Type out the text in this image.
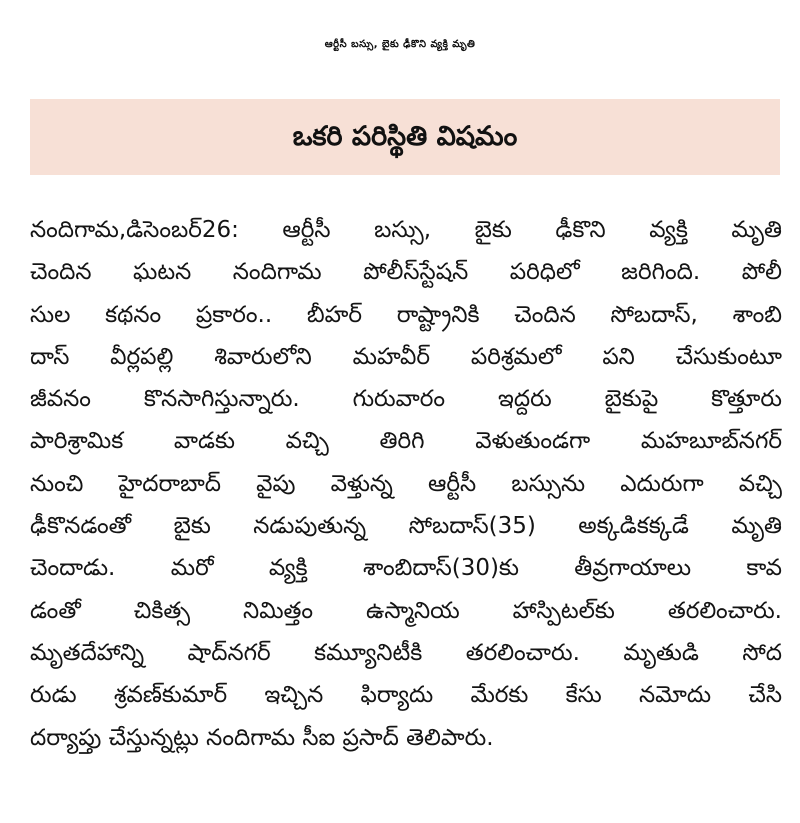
ఆర్టీసీ బస్సు, బైకు ఢీకొని వ్యక్తి మృతి
ఒకరి పరిస్థితి విషమం
నందిగామ,డిసెంబర్26: ఆర్టీసీ బస్సు, బైకు ఢీకొని వ్యక్తి మృతి
చెందిన ఘటన నందిగామ పోలీస్‌స్టేషన్ పరిధిలో జరిగింది. పోలీ
సుల కథనం ప్రకారం.. బీహర్ రాష్ట్రానికి చెందిన సోబదాస్, శాంబి
దాస్ వీర్లపల్లి శివారులోని మహవీర్ పరిశ్రమలో పని చేసుకుంటూ
జీవనం కొనసాగిస్తున్నారు. గురువారం ఇద్దరు బైకుపై కొత్తూరు
పారిశ్రామిక వాడకు వచ్చి తిరిగి వెళుతుండగా మహబూబ్‌నగర్
నుంచి హైదరాబాద్ వైపు వెళ్తున్న ఆర్టీసీ బస్సును ఎదురుగా వచ్చి
ఢీకొనడంతో బైకు నడుపుతున్న సోబదాస్(35) అక్కడికక్కడే మృతి
చెందాడు. మరో వ్యక్తి శాంబిదాస్(30)కు తీవ్రగాయాలు కావ
డంతో చికిత్స నిమిత్తం ఉస్మానియ హాస్పిటల్‌కు తరలించారు.
మృతదేహాన్ని షాద్‌నగర్ కమ్యూనిటీకి తరలించారు. మృతుడి సోద
రుడు శ్రవణ్‌కుమార్ ఇచ్చిన ఫిర్యాదు మేరకు కేసు నమోదు చేసి
దర్యాప్తు చేస్తున్నట్లు నందిగామ సీఐ ప్రసాద్ తెలిపారు.
